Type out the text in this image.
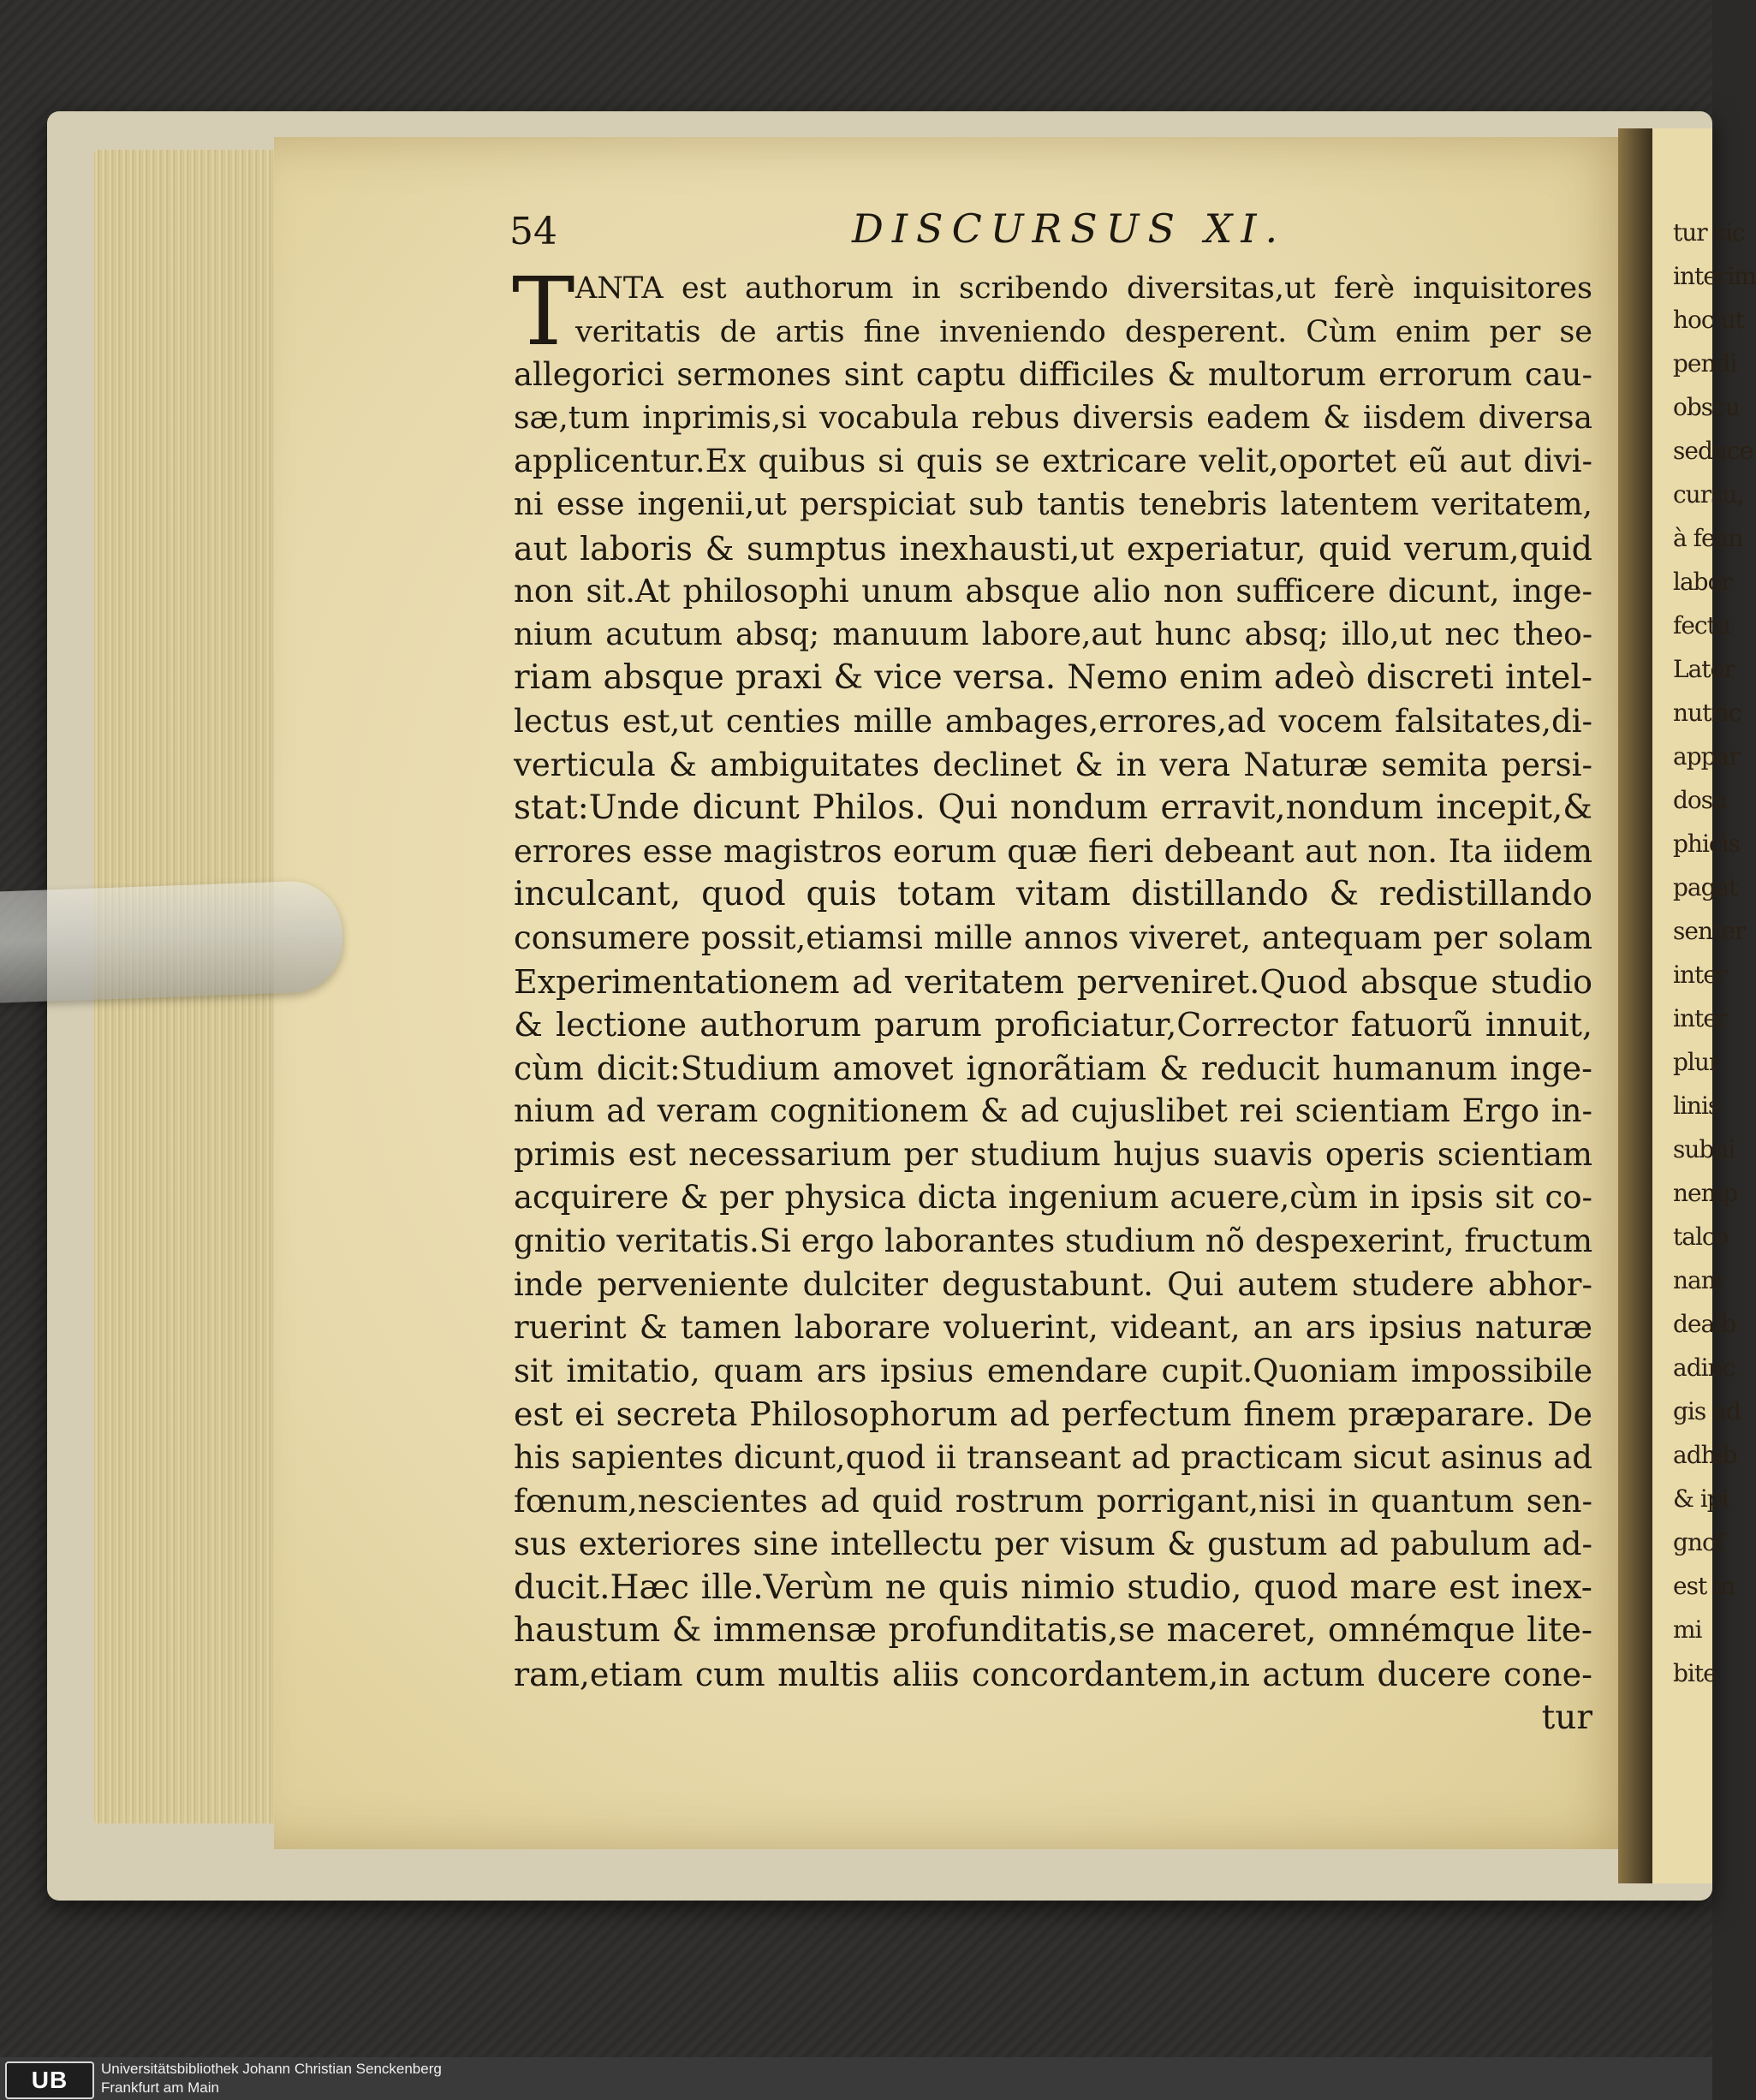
tur sic
interim
hoc ut
pendi
obscu
seduce
cursu,
à fean
labor
fectu
Lator
nutric
appar
dosu
phicis
pagat
senter
inter
inter
plur
linis
subni
nemp
talco
nam
dealb
adinc
gis ad
adhib
& ipi
gnof
est in
mi
bite
54	DISCURSUS XI.
T ANTA est authorum in scribendo diversitas,ut ferè inquisitores
veritatis de artis fine inveniendo desperent. Cùm enim per se
allegorici sermones sint captu difficiles & multorum errorum cau-
sæ,tum inprimis,si vocabula rebus diversis eadem & iisdem diversa
applicentur.Ex quibus si quis se extricare velit,oportet eũ aut divi-
ni esse ingenii,ut perspiciat sub tantis tenebris latentem veritatem,
aut laboris & sumptus inexhausti,ut experiatur, quid verum,quid
non sit.At philosophi unum absque alio non sufficere dicunt, inge-
nium acutum absq; manuum labore,aut hunc absq; illo,ut nec theo-
riam absque praxi & vice versa. Nemo enim adeò discreti intel-
lectus est,ut centies mille ambages,errores,ad vocem falsitates,di-
verticula & ambiguitates declinet & in vera Naturæ semita persi-
stat:Unde dicunt Philos. Qui nondum erravit,nondum incepit,&
errores esse magistros eorum quæ fieri debeant aut non. Ita iidem
inculcant, quod quis totam vitam distillando & redistillando
consumere possit,etiamsi mille annos viveret, antequam per solam
Experimentationem ad veritatem perveniret.Quod absque studio
& lectione authorum parum proficiatur,Corrector fatuorũ innuit,
cùm dicit:Studium amovet ignorãtiam & reducit humanum inge-
nium ad veram cognitionem & ad cujuslibet rei scientiam Ergo in-
primis est necessarium per studium hujus suavis operis scientiam
acquirere & per physica dicta ingenium acuere,cùm in ipsis sit co-
gnitio veritatis.Si ergo laborantes studium nõ despexerint, fructum
inde perveniente dulciter degustabunt. Qui autem studere abhor-
ruerint & tamen laborare voluerint, videant, an ars ipsius naturæ
sit imitatio, quam ars ipsius emendare cupit.Quoniam impossibile
est ei secreta Philosophorum ad perfectum finem præparare. De
his sapientes dicunt,quod ii transeant ad practicam sicut asinus ad
fœnum,nescientes ad quid rostrum porrigant,nisi in quantum sen-
sus exteriores sine intellectu per visum & gustum ad pabulum ad-
ducit.Hæc ille.Verùm ne quis nimio studio, quod mare est inex-
haustum & immensæ profunditatis,se maceret, omnémque lite-
ram,etiam cum multis aliis concordantem,in actum ducere cone-
tur
UB	Universitätsbibliothek Johann Christian Senckenberg
Frankfurt am Main
